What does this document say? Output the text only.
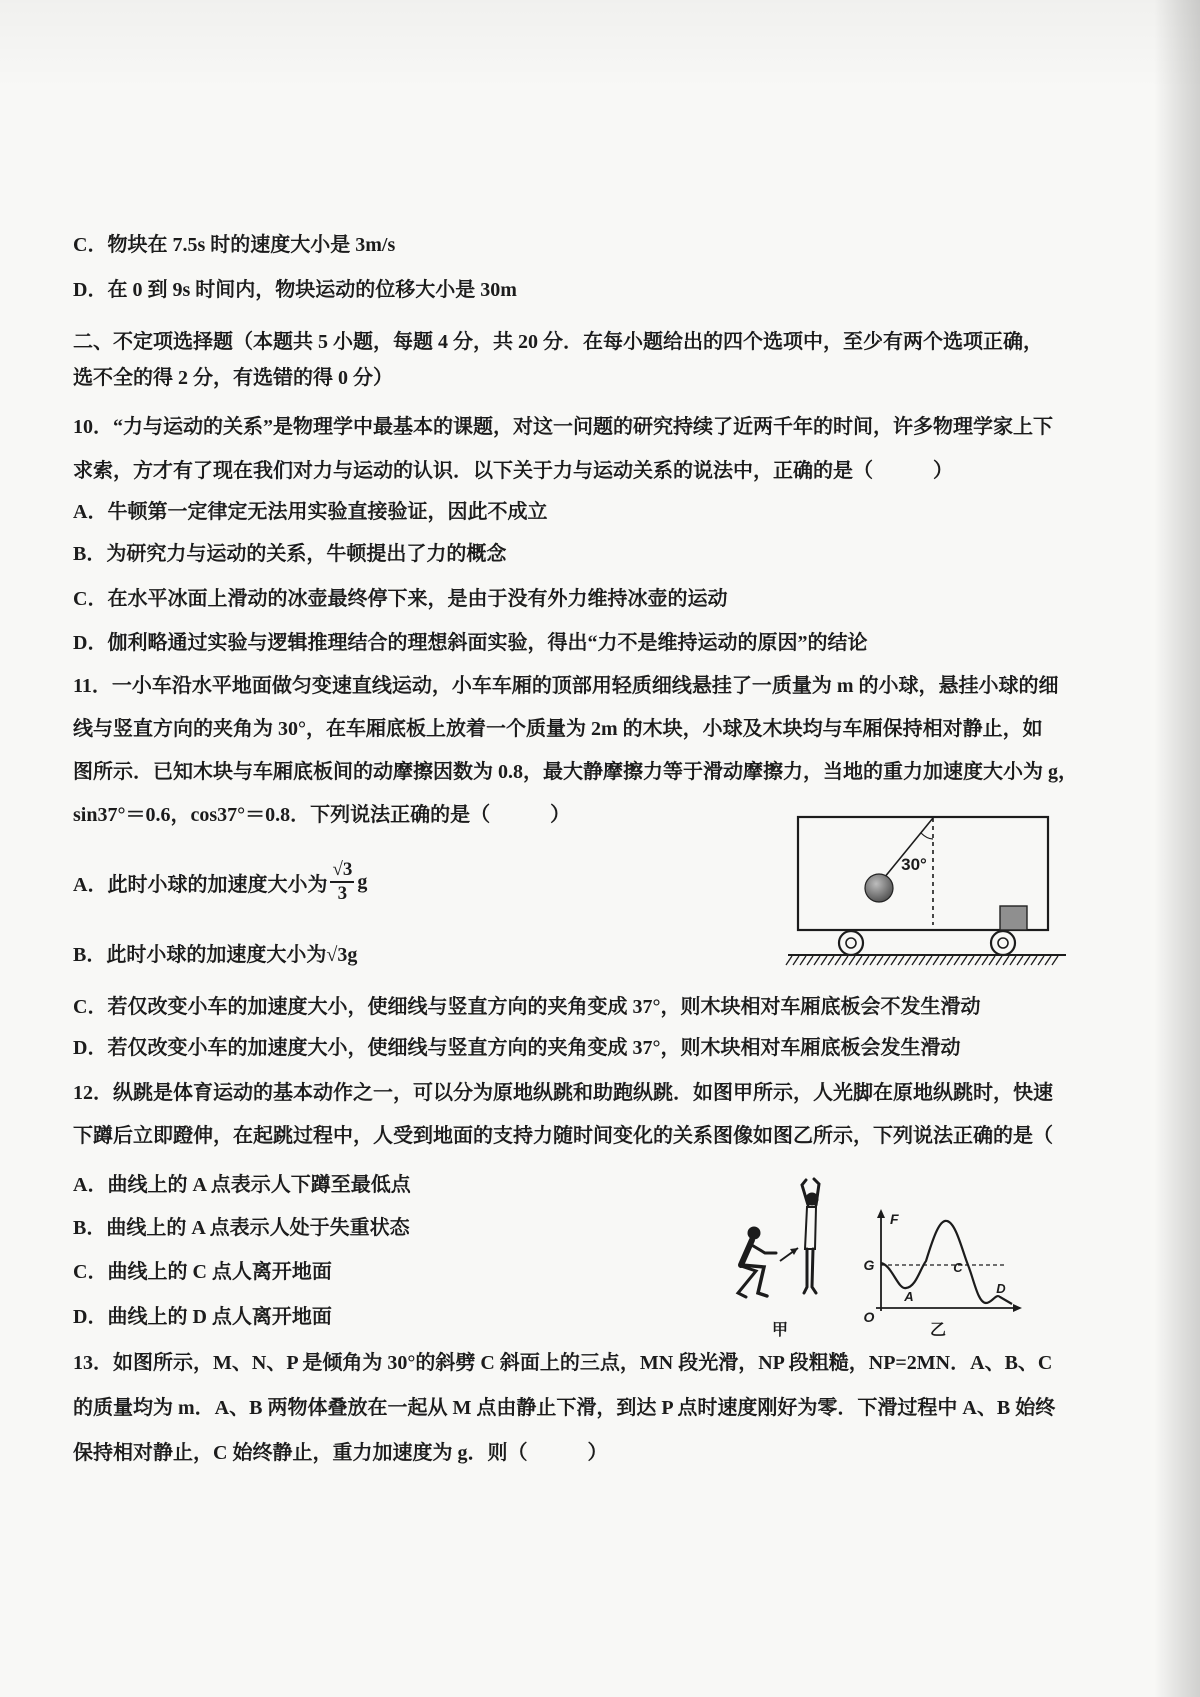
C．物块在 7.5s 时的速度大小是 3m/s
D．在 0 到 9s 时间内，物块运动的位移大小是 30m
二、不定项选择题（本题共 5 小题，每题 4 分，共 20 分．在每小题给出的四个选项中，至少有两个选项正确，
选不全的得 2 分，有选错的得 0 分）
10．“力与运动的关系”是物理学中最基本的课题，对这一问题的研究持续了近两千年的时间，许多物理学家上下
求索，方才有了现在我们对力与运动的认识．以下关于力与运动关系的说法中，正确的是（　　　）
A．牛顿第一定律定无法用实验直接验证，因此不成立
B．为研究力与运动的关系，牛顿提出了力的概念
C．在水平冰面上滑动的冰壶最终停下来，是由于没有外力维持冰壶的运动
D．伽利略通过实验与逻辑推理结合的理想斜面实验，得出“力不是维持运动的原因”的结论
11．一小车沿水平地面做匀变速直线运动，小车车厢的顶部用轻质细线悬挂了一质量为 m 的小球，悬挂小球的细
线与竖直方向的夹角为 30°，在车厢底板上放着一个质量为 2m 的木块，小球及木块均与车厢保持相对静止，如
图所示．已知木块与车厢底板间的动摩擦因数为 0.8，最大静摩擦力等于滑动摩擦力，当地的重力加速度大小为 g，
sin37°＝0.6，cos37°＝0.8．下列说法正确的是（　　　）
A．此时小球的加速度大小为 $\frac{√3}{3}$ g
B．此时小球的加速度大小为√3g
C．若仅改变小车的加速度大小，使细线与竖直方向的夹角变成 37°，则木块相对车厢底板会不发生滑动
D．若仅改变小车的加速度大小，使细线与竖直方向的夹角变成 37°，则木块相对车厢底板会发生滑动
30°
12．纵跳是体育运动的基本动作之一，可以分为原地纵跳和助跑纵跳．如图甲所示，人光脚在原地纵跳时，快速
下蹲后立即蹬伸，在起跳过程中，人受到地面的支持力随时间变化的关系图像如图乙所示，下列说法正确的是（
A．曲线上的 A 点表示人下蹲至最低点
B．曲线上的 A 点表示人处于失重状态
C．曲线上的 C 点人离开地面
D．曲线上的 D 点人离开地面
甲
F
G
O
A
C
D
乙
13．如图所示，M、N、P 是倾角为 30°的斜劈 C 斜面上的三点，MN 段光滑，NP 段粗糙，NP=2MN．A、B、C
的质量均为 m．A、B 两物体叠放在一起从 M 点由静止下滑，到达 P 点时速度刚好为零．下滑过程中 A、B 始终
保持相对静止，C 始终静止，重力加速度为 g．则（　　　）
